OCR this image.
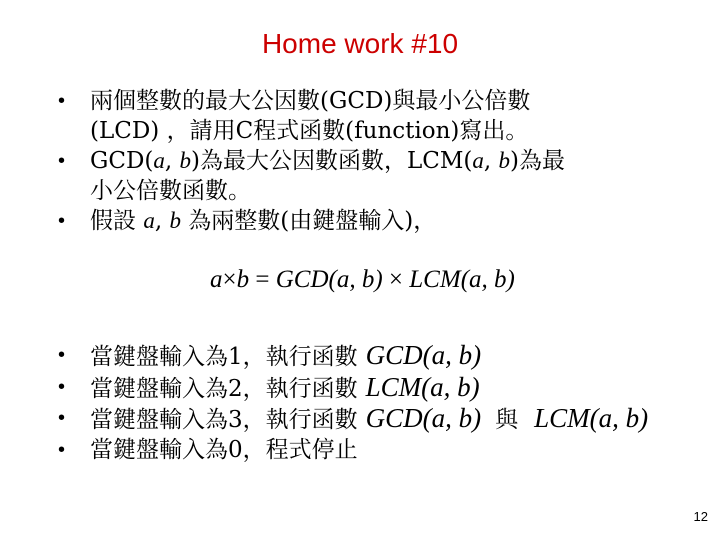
Home work #10
•	兩個整數的最大公因數(GCD)與最小公倍數
(LCD) ，請用C程式函數(function)寫出。
•	GCD(a, b)為最大公因數函數，LCM(a, b)為最
小公倍數函數。
•	假設 a, b 為兩整數(由鍵盤輸入)，
a×b = GCD(a, b) × LCM(a, b)
•	當鍵盤輸入為1，執行函數 GCD(a, b)
•	當鍵盤輸入為2，執行函數 LCM(a, b)
•	當鍵盤輸入為3，執行函數 GCD(a, b) 與 LCM(a, b)
•	當鍵盤輸入為0，程式停止
12
